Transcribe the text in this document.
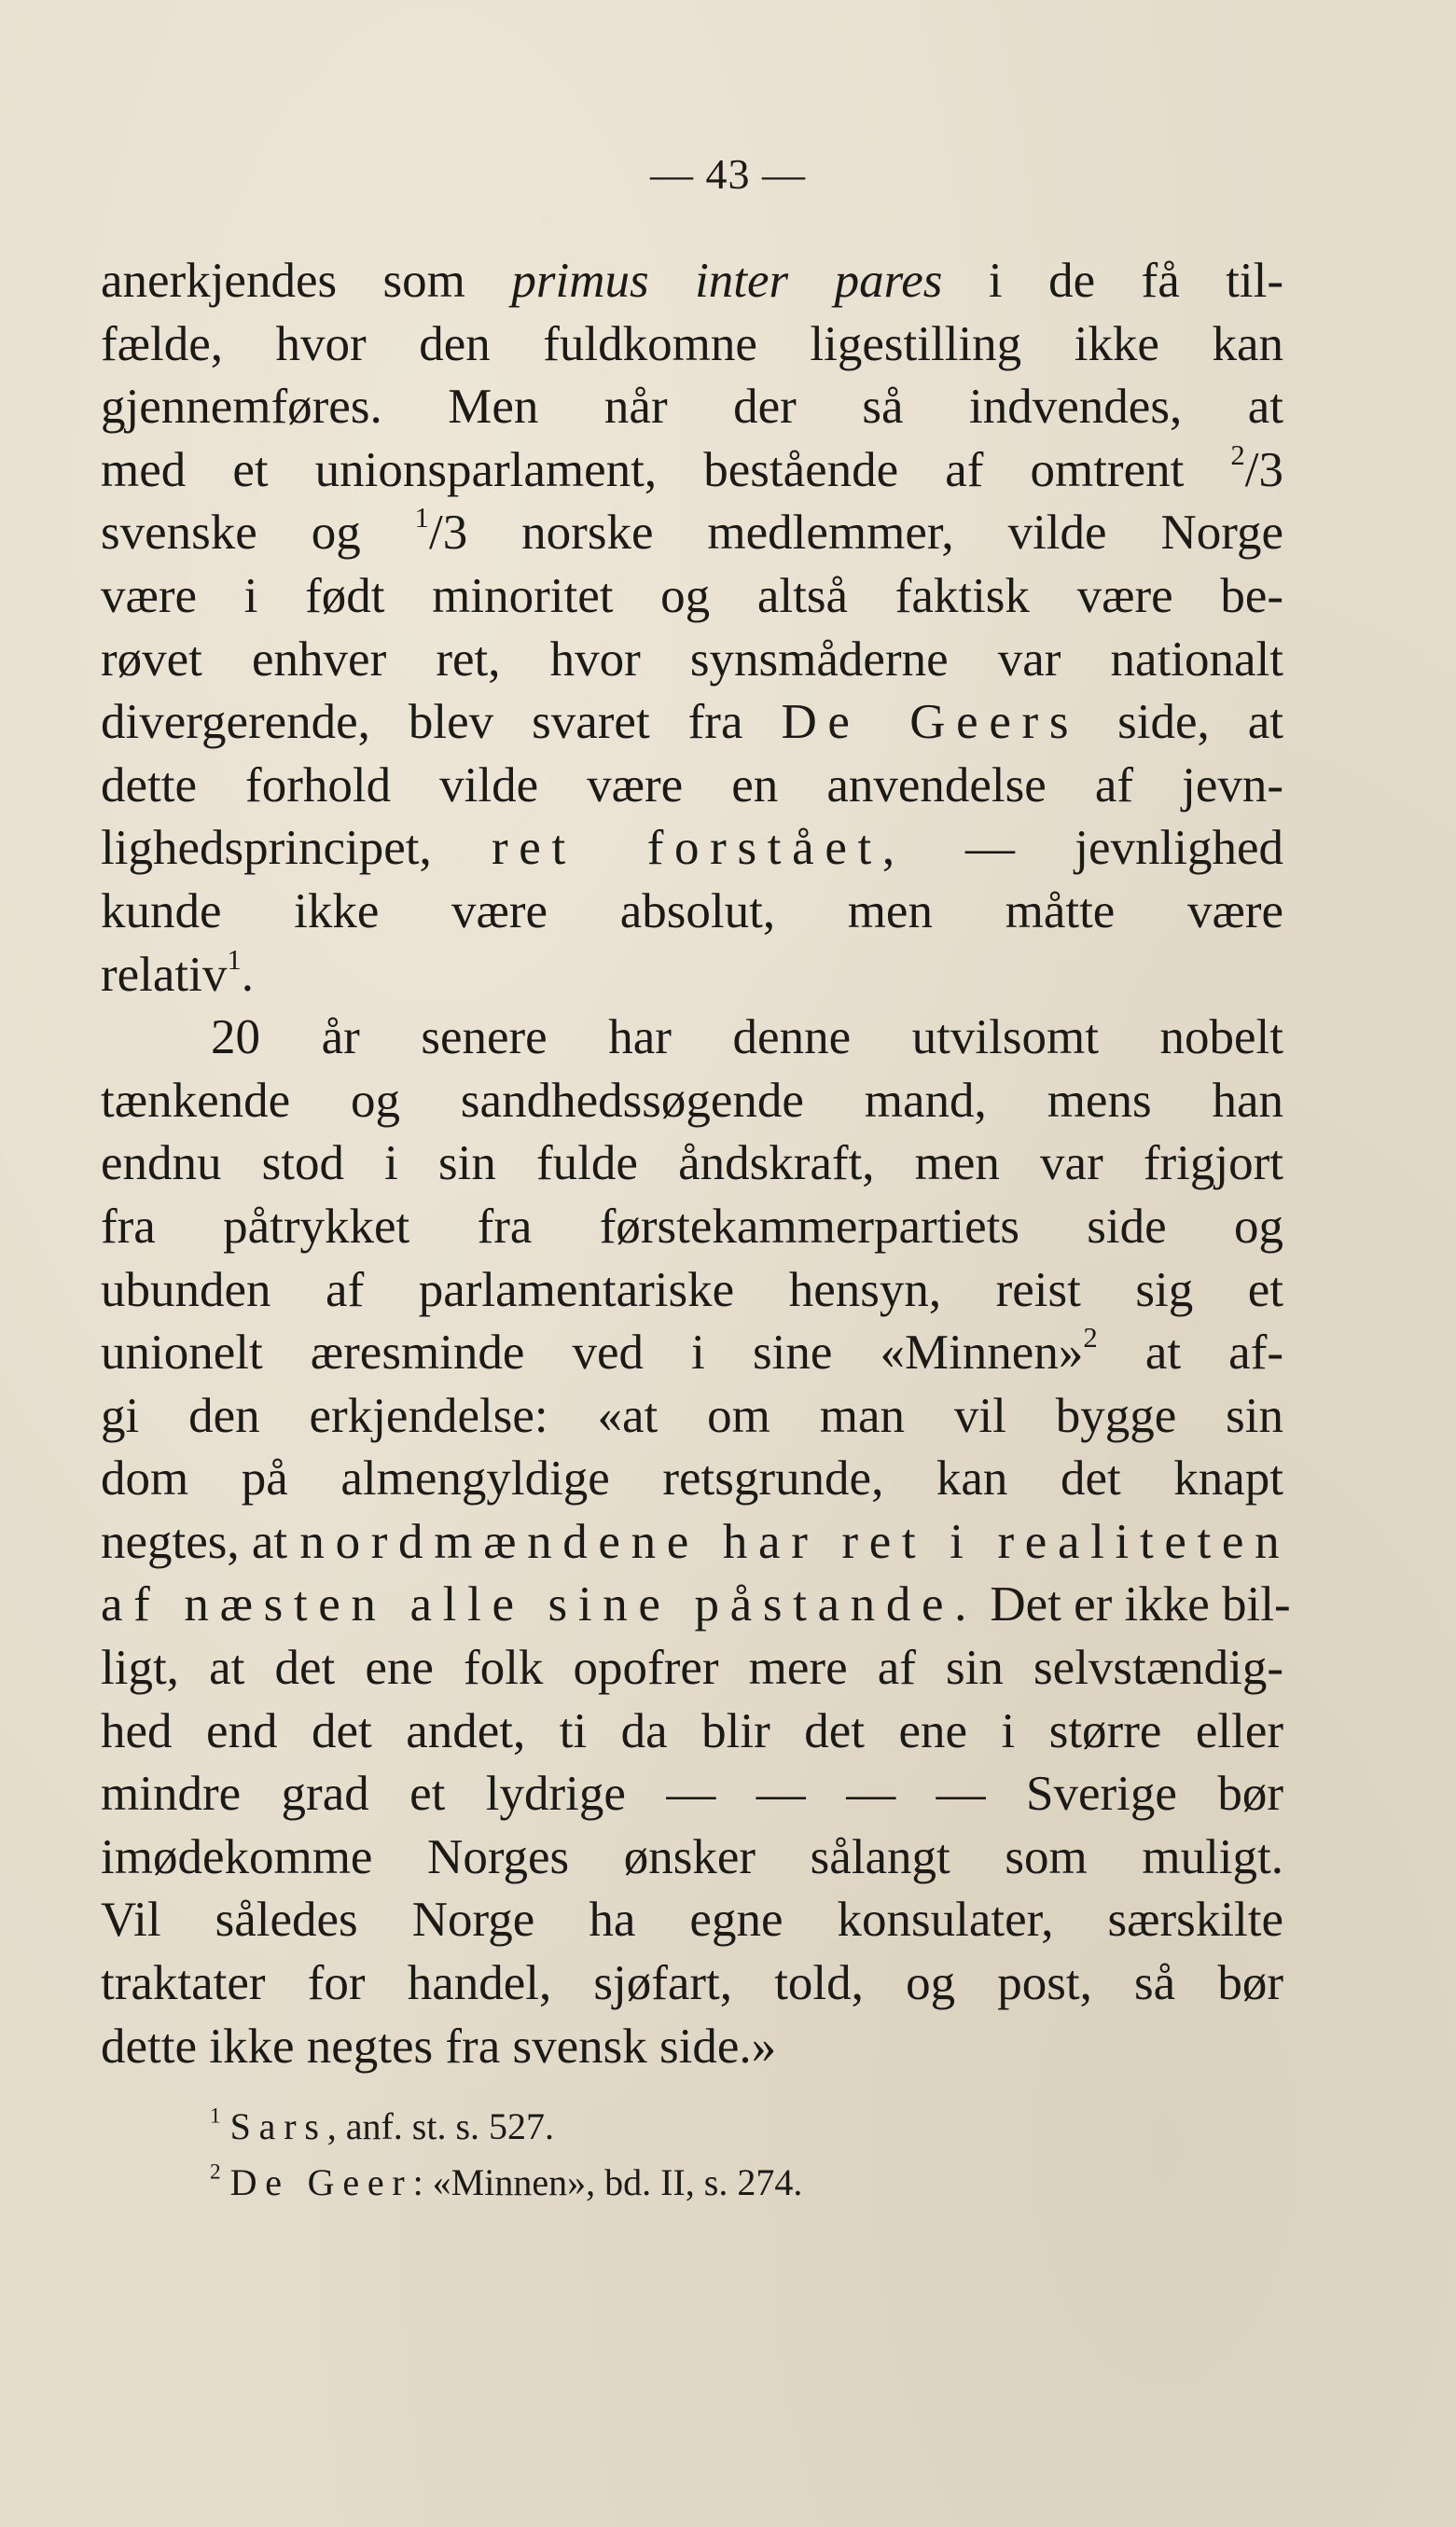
— 43 —
anerkjendes som primus inter pares i de få til-
fælde, hvor den fuldkomne ligestilling ikke kan
gjennemføres. Men når der så indvendes, at
med et unionsparlament, bestående af omtrent $^2$/3
svenske og $^1$/3 norske medlemmer, vilde Norge
være i født minoritet og altså faktisk være be-
røvet enhver ret, hvor synsmåderne var nationalt
divergerende, blev svaret fra De Geers side, at
dette forhold vilde være en anvendelse af jevn-
lighedsprincipet, ret forstået, — jevnlighed
kunde ikke være absolut, men måtte være
relativ$^1$.
20 år senere har denne utvilsomt nobelt
tænkende og sandhedssøgende mand, mens han
endnu stod i sin fulde åndskraft, men var frigjort
fra påtrykket fra førstekammerpartiets side og
ubunden af parlamentariske hensyn, reist sig et
unionelt æresminde ved i sine «Minnen»$^2$ at af-
gi den erkjendelse: «at om man vil bygge sin
dom på almengyldige retsgrunde, kan det knapt
negtes, at nordmændene har ret i realiteten
af næsten alle sine påstande. Det er ikke bil-
ligt, at det ene folk opofrer mere af sin selvstændig-
hed end det andet, ti da blir det ene i større eller
mindre grad et lydrige — — — — Sverige bør
imødekomme Norges ønsker sålangt som muligt.
Vil således Norge ha egne konsulater, særskilte
traktater for handel, sjøfart, told, og post, så bør
dette ikke negtes fra svensk side.»
$^1$ Sars, anf. st. s. 527.
$^2$ De Geer: «Minnen», bd. II, s. 274.
